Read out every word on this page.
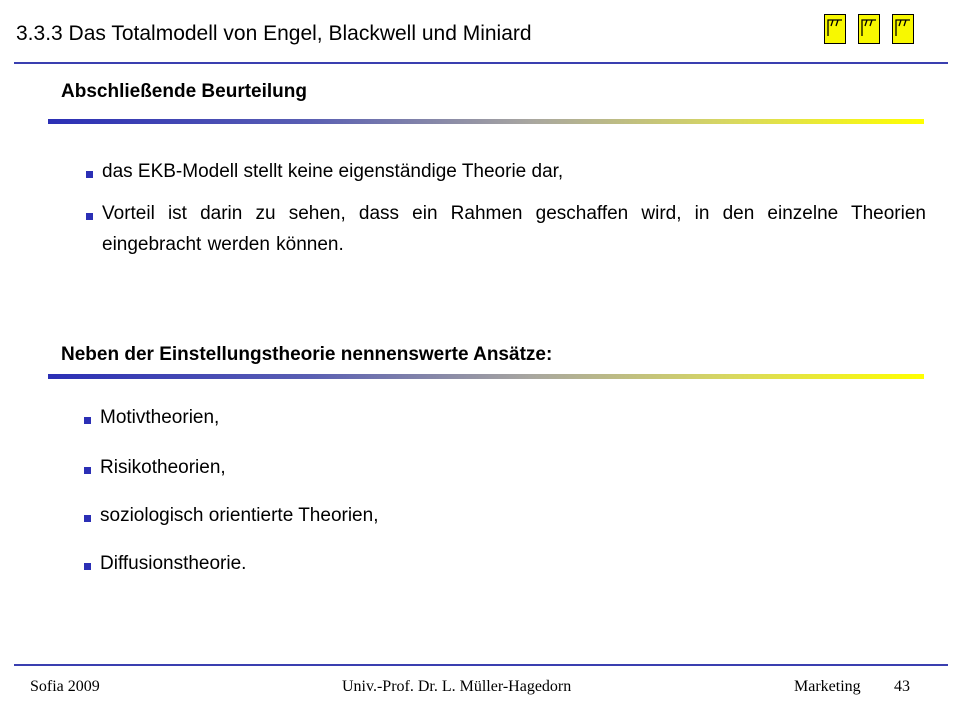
3.3.3 Das Totalmodell von Engel, Blackwell und Miniard
Abschließende Beurteilung
das EKB-Modell stellt keine eigenständige Theorie dar,
Vorteil ist darin zu sehen, dass ein Rahmen geschaffen wird, in den einzelne Theorien eingebracht werden können.
Neben der Einstellungstheorie nennenswerte Ansätze:
Motivtheorien,
Risikotheorien,
soziologisch orientierte Theorien,
Diffusionstheorie.
Sofia 2009	Univ.-Prof. Dr. L. Müller-Hagedorn	Marketing 43
